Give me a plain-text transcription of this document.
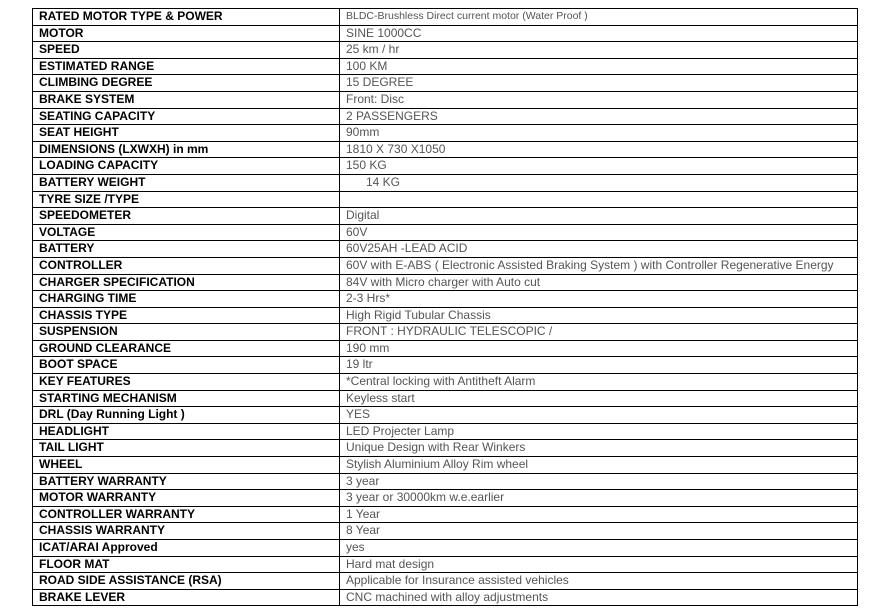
RATED MOTOR TYPE & POWER	BLDC-Brushless Direct current motor (Water Proof )
MOTOR	SINE 1000CC
SPEED	25 km / hr
ESTIMATED RANGE	100 KM
CLIMBING DEGREE	15 DEGREE
BRAKE SYSTEM	Front: Disc
SEATING CAPACITY	2 PASSENGERS
SEAT HEIGHT	90mm
DIMENSIONS (LXWXH) in mm	1810 X 730 X1050
LOADING CAPACITY	150 KG
BATTERY WEIGHT	14 KG
TYRE SIZE /TYPE	
SPEEDOMETER	Digital
VOLTAGE	60V
BATTERY	60V25AH -LEAD ACID
CONTROLLER	60V with E-ABS ( Electronic Assisted Braking System ) with Controller Regenerative Energy
CHARGER SPECIFICATION	84V with Micro charger with Auto cut
CHARGING TIME	2-3 Hrs*
CHASSIS TYPE	High Rigid Tubular Chassis
SUSPENSION	FRONT : HYDRAULIC TELESCOPIC /
GROUND CLEARANCE	190 mm
BOOT SPACE	19 ltr
KEY FEATURES	*Central locking with Antitheft Alarm
STARTING MECHANISM	Keyless start
DRL (Day Running Light )	YES
HEADLIGHT	LED Projecter Lamp
TAIL LIGHT	Unique Design with Rear Winkers
WHEEL	Stylish Aluminium Alloy Rim wheel
BATTERY WARRANTY	3 year
MOTOR WARRANTY	3 year or 30000km w.e.earlier
CONTROLLER WARRANTY	1 Year
CHASSIS WARRANTY	8 Year
ICAT/ARAI Approved	yes
FLOOR MAT	Hard mat design
ROAD SIDE ASSISTANCE (RSA)	Applicable for Insurance assisted vehicles
BRAKE LEVER	CNC machined with alloy adjustments
